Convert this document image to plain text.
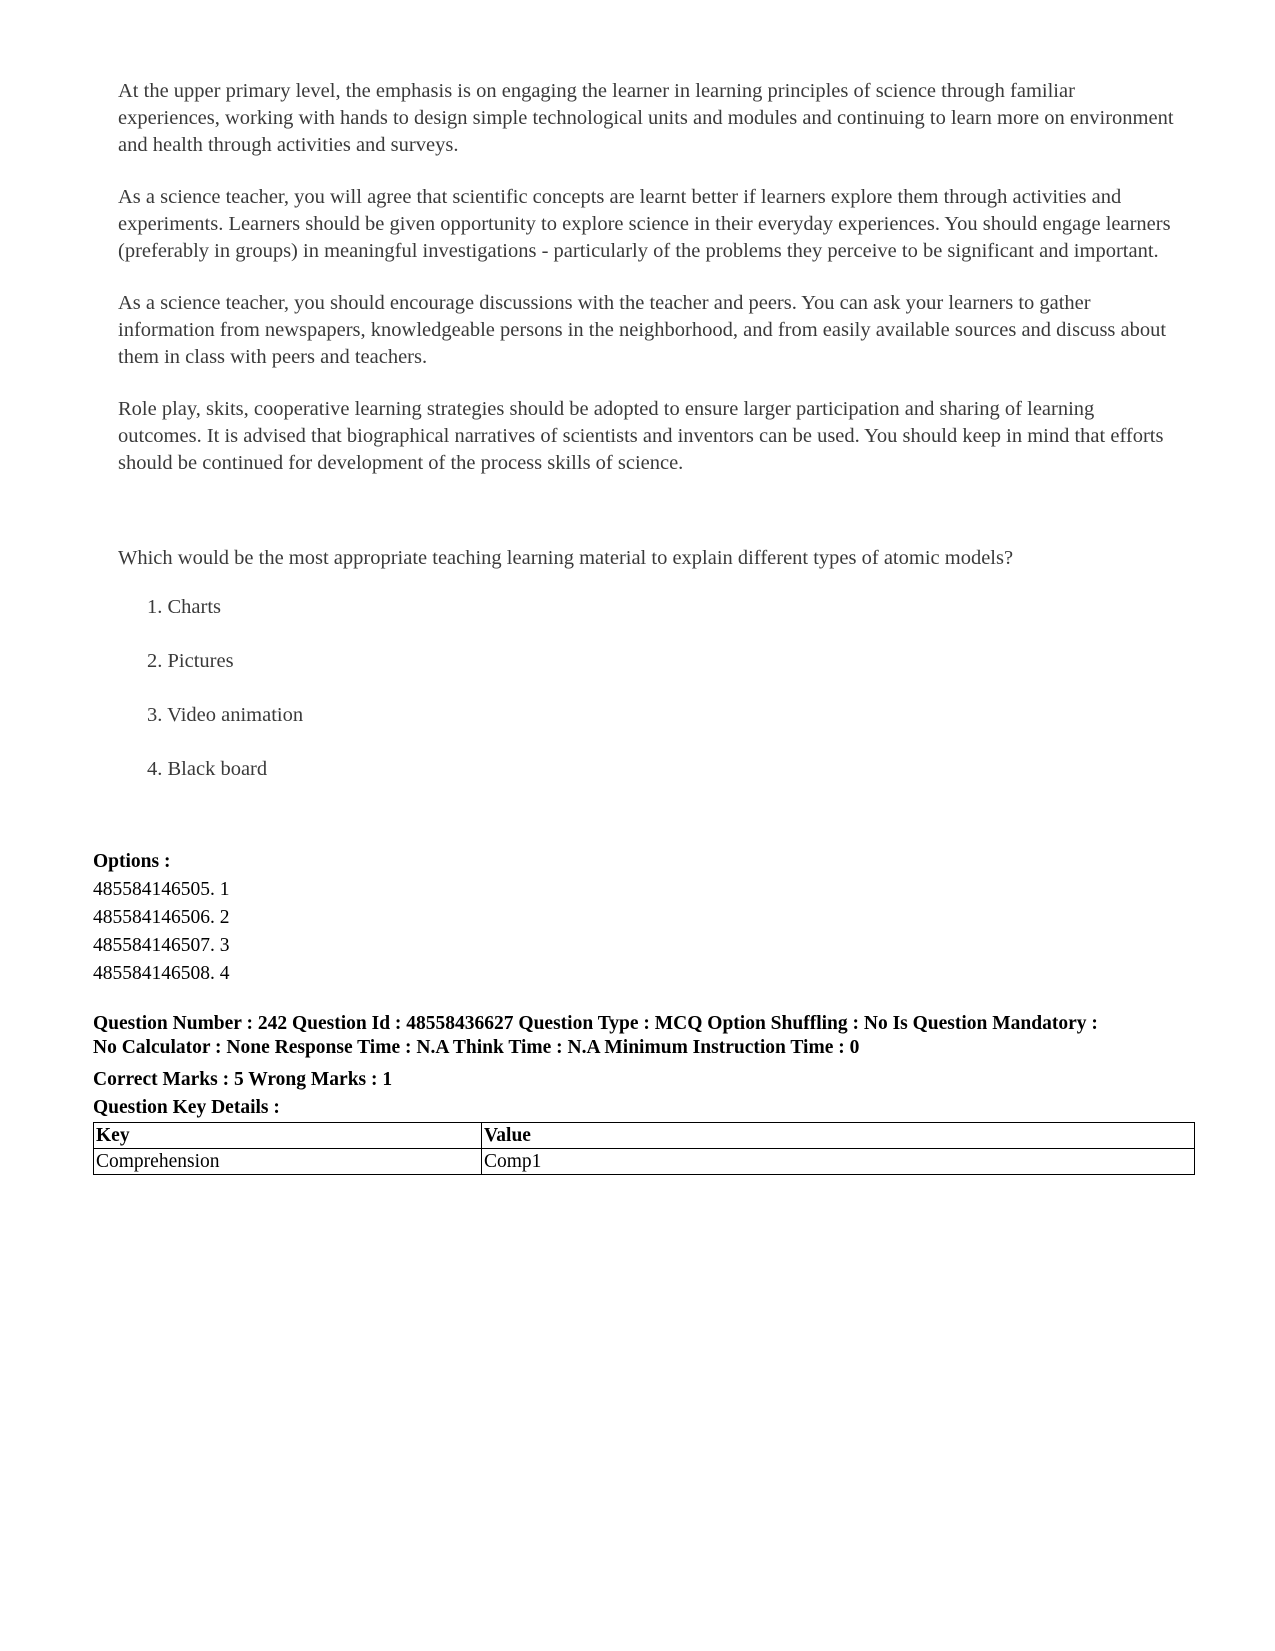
At the upper primary level, the emphasis is on engaging the learner in learning principles of science through familiar experiences, working with hands to design simple technological units and modules and continuing to learn more on environment and health through activities and surveys.

As a science teacher, you will agree that scientific concepts are learnt better if learners explore them through activities and experiments. Learners should be given opportunity to explore science in their everyday experiences. You should engage learners (preferably in groups) in meaningful investigations - particularly of the problems they perceive to be significant and important.

As a science teacher, you should encourage discussions with the teacher and peers. You can ask your learners to gather information from newspapers, knowledgeable persons in the neighborhood, and from easily available sources and discuss about them in class with peers and teachers.

Role play, skits, cooperative learning strategies should be adopted to ensure larger participation and sharing of learning outcomes. It is advised that biographical narratives of scientists and inventors can be used. You should keep in mind that efforts should be continued for development of the process skills of science.

Which would be the most appropriate teaching learning material to explain different types of atomic models?

1. Charts
2. Pictures
3. Video animation
4. Black board
Options :
485584146505. 1
485584146506. 2
485584146507. 3
485584146508. 4
Question Number : 242 Question Id : 48558436627 Question Type : MCQ Option Shuffling : No Is Question Mandatory :
No Calculator : None Response Time : N.A Think Time : N.A Minimum Instruction Time : 0
Correct Marks : 5 Wrong Marks : 1
Question Key Details :
Key	Value
Comprehension	Comp1
